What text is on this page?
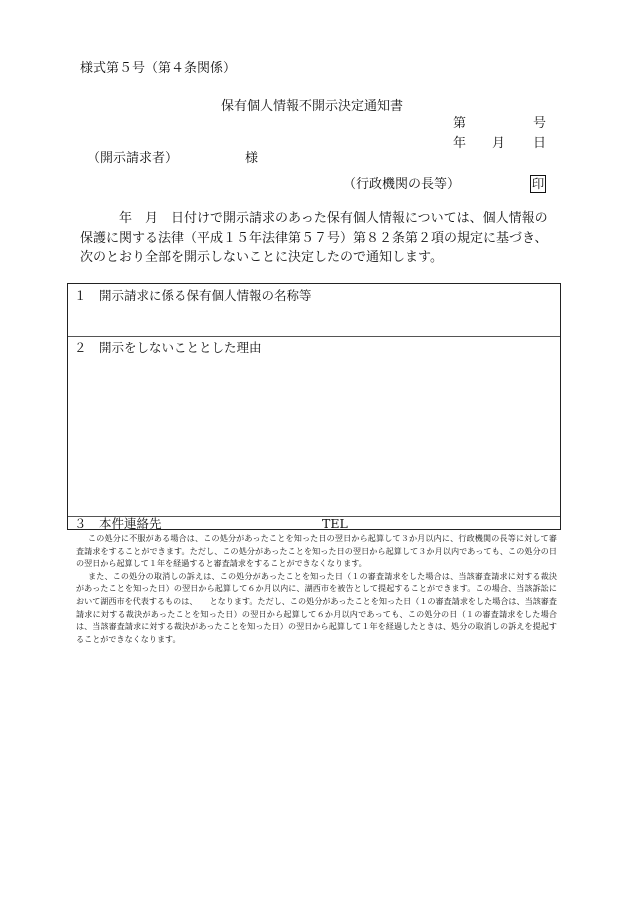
様式第５号（第４条関係）
保有個人情報不開示決定通知書
第	号
年 月 日
（開示請求者）	様
（行政機関の長等）	印
年　月　日付けで開示請求のあった保有個人情報については、個人情報の保護に関する法律（平成１５年法律第５７号）第８２条第２項の規定に基づき、次のとおり全部を開示しないことに決定したので通知します。
１　開示請求に係る保有個人情報の名称等
２　開示をしないこととした理由
３　本件連絡先	TEL

この処分に不服がある場合は、この処分があったことを知った日の翌日から起算して３か月以内に、行政機関の長等に対して審査請求をすることができます。ただし、この処分があったことを知った日の翌日から起算して３か月以内であっても、この処分の日の翌日から起算して１年を経過すると審査請求をすることができなくなります。

また、この処分の取消しの訴えは、この処分があったことを知った日（１の審査請求をした場合は、当該審査請求に対する裁決があったことを知った日）の翌日から起算して６か月以内に、湖西市を被告として提起することができます。この場合、当該訴訟において湖西市を代表するものは、　　となります。ただし、この処分があったことを知った日（１の審査請求をした場合は、当該審査請求に対する裁決があったことを知った日）の翌日から起算して６か月以内であっても、この処分の日（１の審査請求をした場合は、当該審査請求に対する裁決があったことを知った日）の翌日から起算して１年を経過したときは、処分の取消しの訴えを提起することができなくなります。
